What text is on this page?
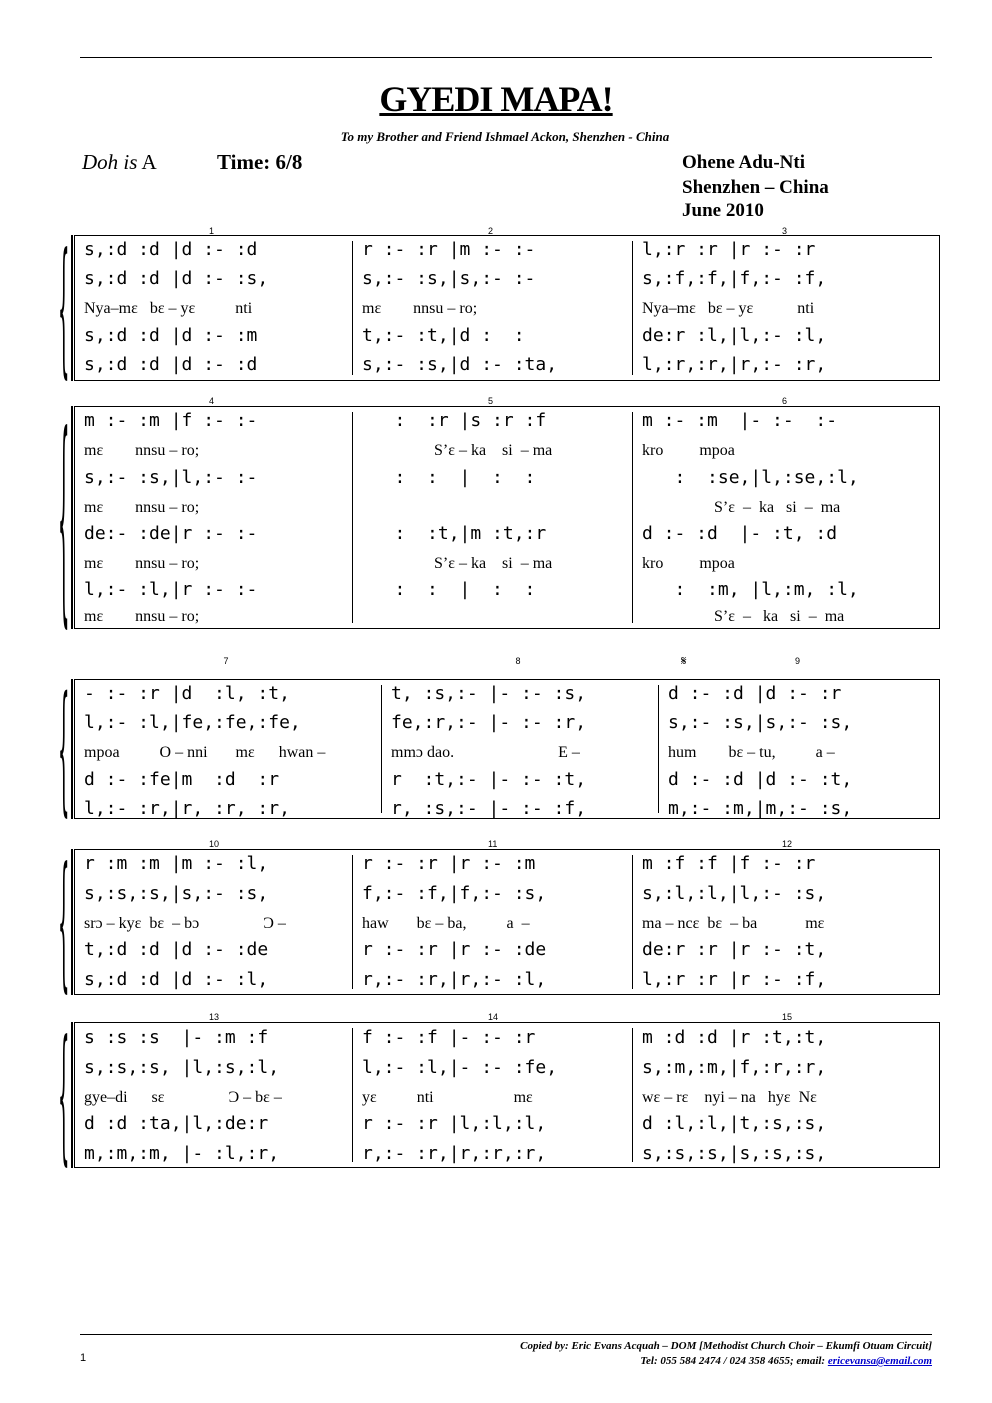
GYEDI MAPA!
To my Brother and Friend Ishmael Ackon, Shenzhen - China
Doh is A	Time: 6/8	Ohene Adu-Nti
Shenzhen – China
June 2010
{	1
s,:d :d |d :- :d
s,:d :d |d :- :s,
Nya–mɛ   bɛ – yɛ          nti
s,:d :d |d :- :m
s,:d :d |d :- :d
2
r :- :r |m :- :-
s,:- :s,|s,:- :-
mɛ        nnsu – ro;
t,:- :t,|d :  :
s,:- :s,|d :- :ta,
3
l,:r :r |r :- :r
s,:f,:f,|f,:- :f,
Nya–mɛ   bɛ – yɛ           nti
de:r :l,|l,:- :l,
l,:r,:r,|r,:- :r,
{	4
m :- :m |f :- :-
mɛ        nnsu – ro;
s,:- :s,|l,:- :-
mɛ        nnsu – ro;
de:- :de|r :- :-
mɛ        nnsu – ro;
l,:- :l,|r :- :-
mɛ        nnsu – ro;
5
:  :r |s :r :f
S’ɛ – ka    si  – ma
:  :  |  :  :
:  :t,|m :t,:r
S’ɛ – ka    si  – ma
:  :  |  :  :
6
m :- :m  |- :-  :-
kro         mpoa
:  :se,|l,:se,:l,
S’ɛ  –  ka   si  –  ma
d :- :d  |- :t, :d
kro         mpoa
:  :m, |l,:m, :l,
S’ɛ  –   ka   si  –  ma
{
7
- :- :r |d  :l, :t,
l,:- :l,|fe,:fe,:fe,
mpoa          O – nni       mɛ      hwan –
d :- :fe|m  :d  :r
l,:- :r,|r, :r, :r,
8
t, :s,:- |- :- :s,
fe,:r,:- |- :- :r,
mmɔ dao.                          E –
r  :t,:- |- :- :t,
r, :s,:- |- :- :f,
9
d :- :d |d :- :r
s,:- :s,|s,:- :s,
hum        bɛ – tu,          a –
d :- :d |d :- :t,
m,:- :m,|m,:- :s,
𝄋
{	10
r :m :m |m :- :l,
s,:s,:s,|s,:- :s,
srɔ – kyɛ  bɛ  – bɔ                Ɔ –
t,:d :d |d :- :de
s,:d :d |d :- :l,
11
r :- :r |r :- :m
f,:- :f,|f,:- :s,
haw       bɛ – ba,          a  –
r :- :r |r :- :de
r,:- :r,|r,:- :l,
12
m :f :f |f :- :r
s,:l,:l,|l,:- :s,
ma – ncɛ  bɛ  – ba            mɛ
de:r :r |r :- :t,
l,:r :r |r :- :f,
{	13
s :s :s  |- :m :f
s,:s,:s, |l,:s,:l,
gye–di      sɛ                Ɔ – bɛ –
d :d :ta,|l,:de:r
m,:m,:m, |- :l,:r,
14
f :- :f |- :- :r
l,:- :l,|- :- :fe,
yɛ          nti                    mɛ
r :- :r |l,:l,:l,
r,:- :r,|r,:r,:r,
15
m :d :d |r :t,:t,
s,:m,:m,|f,:r,:r,
wɛ – rɛ    nyi – na   hyɛ  Nɛ
d :l,:l,|t,:s,:s,
s,:s,:s,|s,:s,:s,
1
Copied by: Eric Evans Acquah – DOM [Methodist Church Choir – Ekumfi Otuam Circuit]
Tel: 055 584 2474 / 024 358 4655; email: ericevansa@email.com
